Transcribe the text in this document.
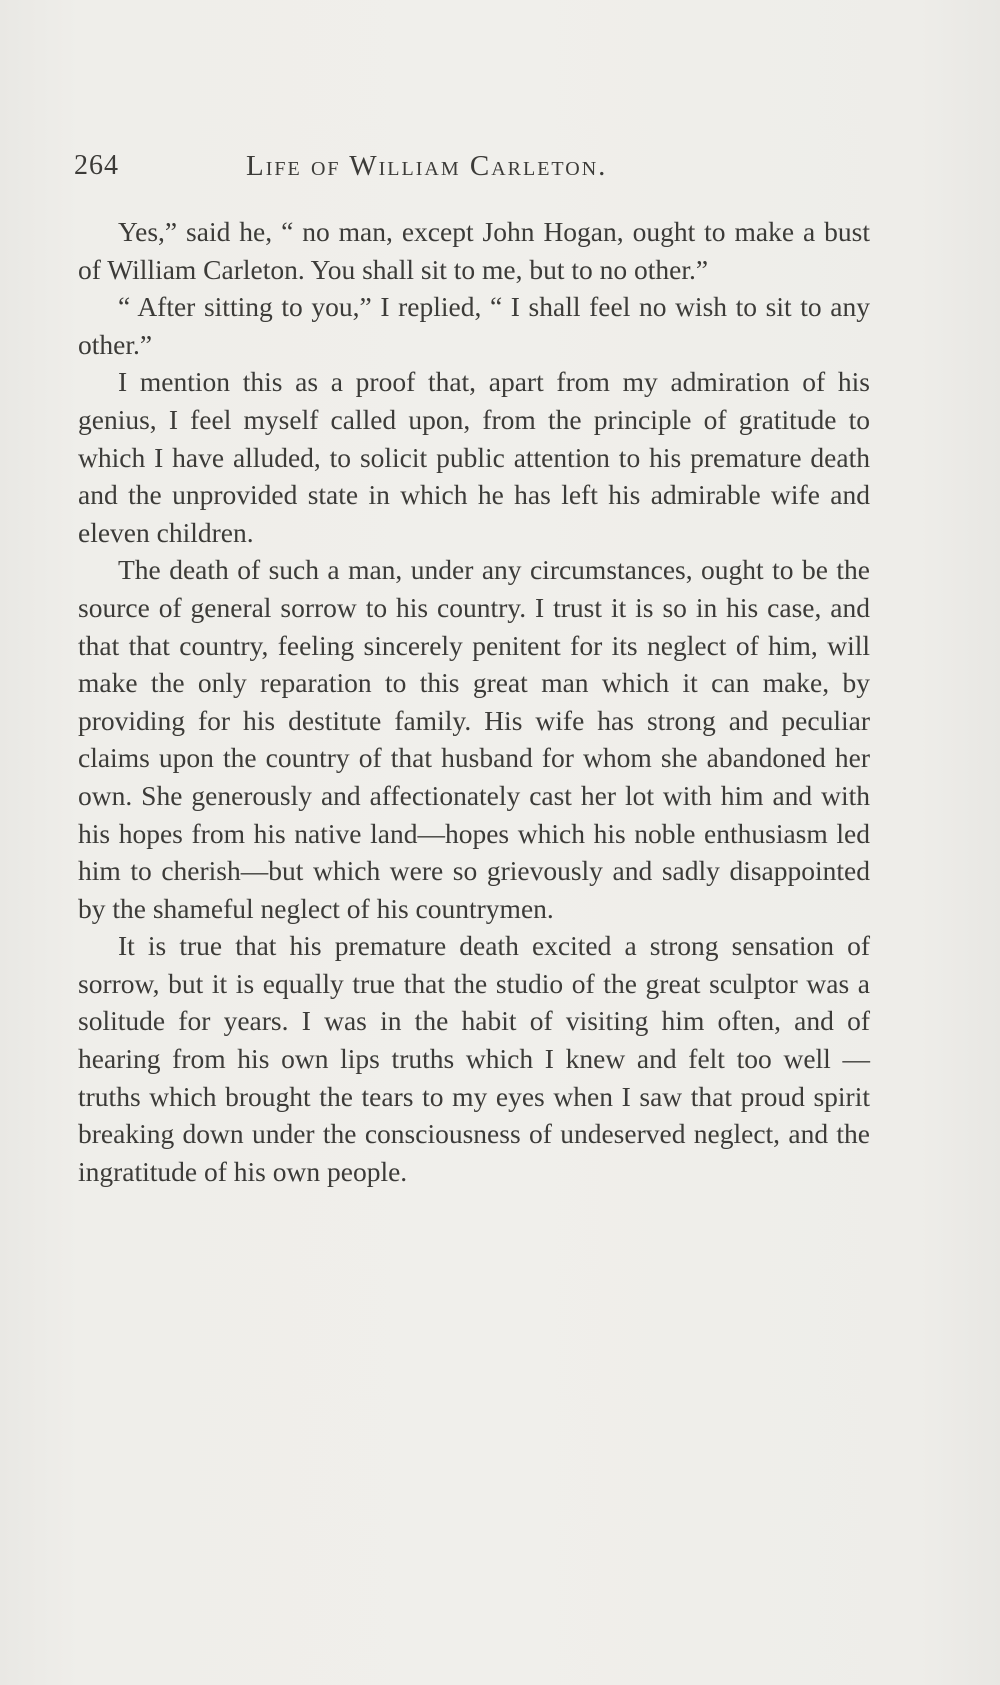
264	Life of William Carleton.

Yes,” said he, “ no man, except John Hogan, ought to make a bust of William Carleton. You shall sit to me, but to no other.”

“ After sitting to you,” I replied, “ I shall feel no wish to sit to any other.”

I mention this as a proof that, apart from my admiration of his genius, I feel myself called upon, from the principle of gratitude to which I have alluded, to solicit public attention to his premature death and the unprovided state in which he has left his admirable wife and eleven children.

The death of such a man, under any circumstances, ought to be the source of general sorrow to his country. I trust it is so in his case, and that that country, feeling sincerely penitent for its neglect of him, will make the only reparation to this great man which it can make, by providing for his destitute family. His wife has strong and peculiar claims upon the country of that husband for whom she abandoned her own. She generously and affectionately cast her lot with him and with his hopes from his native land—hopes which his noble enthusiasm led him to cherish—but which were so grievously and sadly disappointed by the shameful neglect of his countrymen.

It is true that his premature death excited a strong sensation of sorrow, but it is equally true that the studio of the great sculptor was a solitude for years. I was in the habit of visiting him often, and of hearing from his own lips truths which I knew and felt too well —truths which brought the tears to my eyes when I saw that proud spirit breaking down under the consciousness of undeserved neglect, and the ingratitude of his own people.
